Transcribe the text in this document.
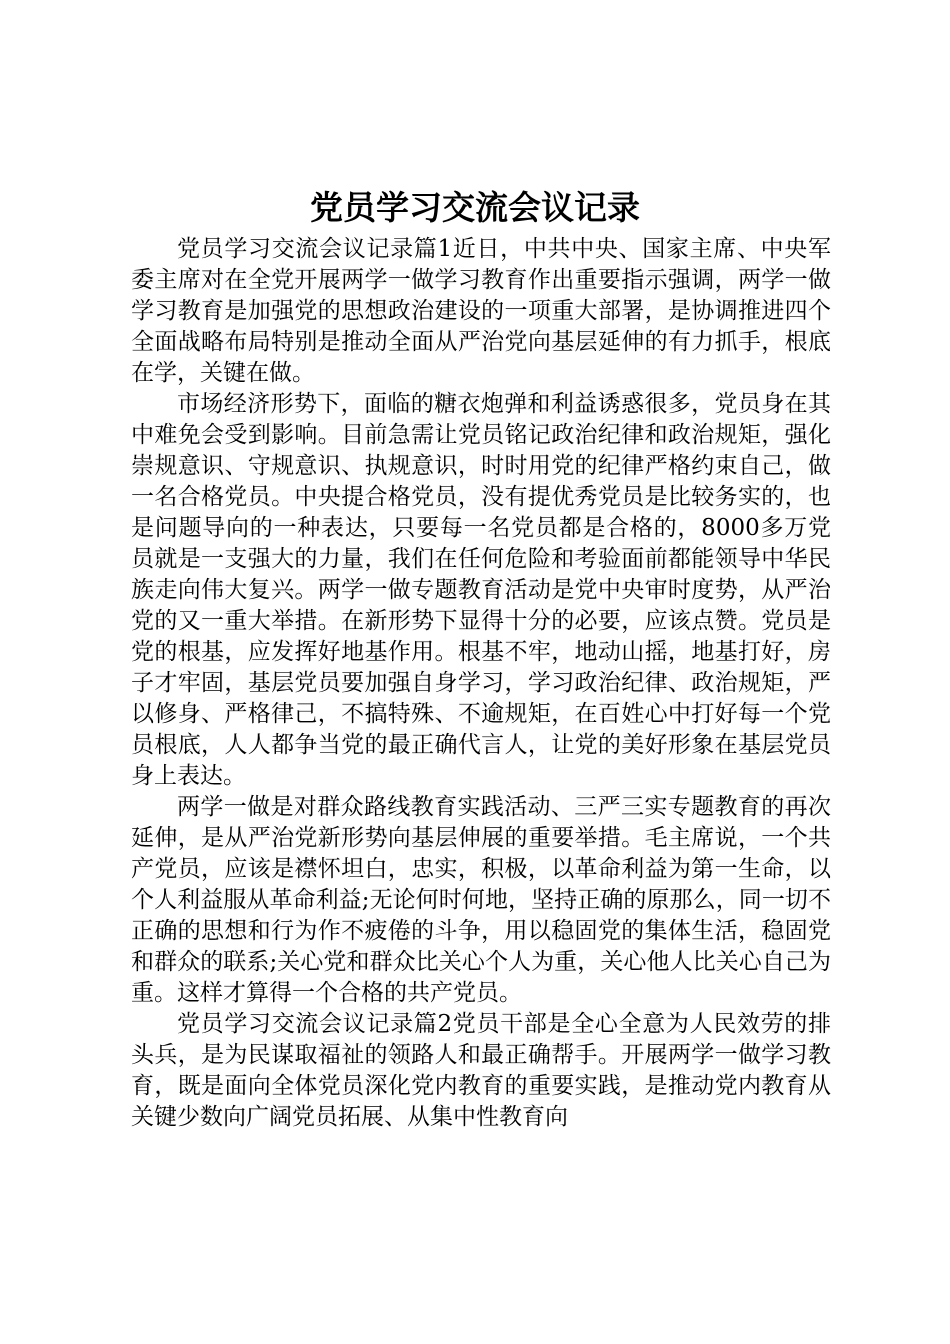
党员学习交流会议记录

党员学习交流会议记录篇1近日，中共中央、国家主席、中央军委主席对在全党开展两学一做学习教育作出重要指示强调，两学一做学习教育是加强党的思想政治建设的一项重大部署，是协调推进四个全面战略布局特别是推动全面从严治党向基层延伸的有力抓手，根底在学，关键在做。

市场经济形势下，面临的糖衣炮弹和利益诱惑很多，党员身在其中难免会受到影响。目前急需让党员铭记政治纪律和政治规矩，强化崇规意识、守规意识、执规意识，时时用党的纪律严格约束自己，做一名合格党员。中央提合格党员，没有提优秀党员是比较务实的，也是问题导向的一种表达，只要每一名党员都是合格的，8000多万党员就是一支强大的力量，我们在任何危险和考验面前都能领导中华民族走向伟大复兴。两学一做专题教育活动是党中央审时度势，从严治党的又一重大举措。在新形势下显得十分的必要，应该点赞。党员是党的根基，应发挥好地基作用。根基不牢，地动山摇，地基打好，房子才牢固，基层党员要加强自身学习，学习政治纪律、政治规矩，严以修身、严格律己，不搞特殊、不逾规矩，在百姓心中打好每一个党员根底，人人都争当党的最正确代言人，让党的美好形象在基层党员身上表达。

两学一做是对群众路线教育实践活动、三严三实专题教育的再次延伸，是从严治党新形势向基层伸展的重要举措。毛主席说，一个共产党员，应该是襟怀坦白，忠实，积极，以革命利益为第一生命，以个人利益服从革命利益;无论何时何地，坚持正确的原那么，同一切不正确的思想和行为作不疲倦的斗争，用以稳固党的集体生活，稳固党和群众的联系;关心党和群众比关心个人为重，关心他人比关心自己为重。这样才算得一个合格的共产党员。

党员学习交流会议记录篇2党员干部是全心全意为人民效劳的排头兵，是为民谋取福祉的领路人和最正确帮手。开展两学一做学习教育，既是面向全体党员深化党内教育的重要实践，是推动党内教育从关键少数向广阔党员拓展、从集中性教育向
